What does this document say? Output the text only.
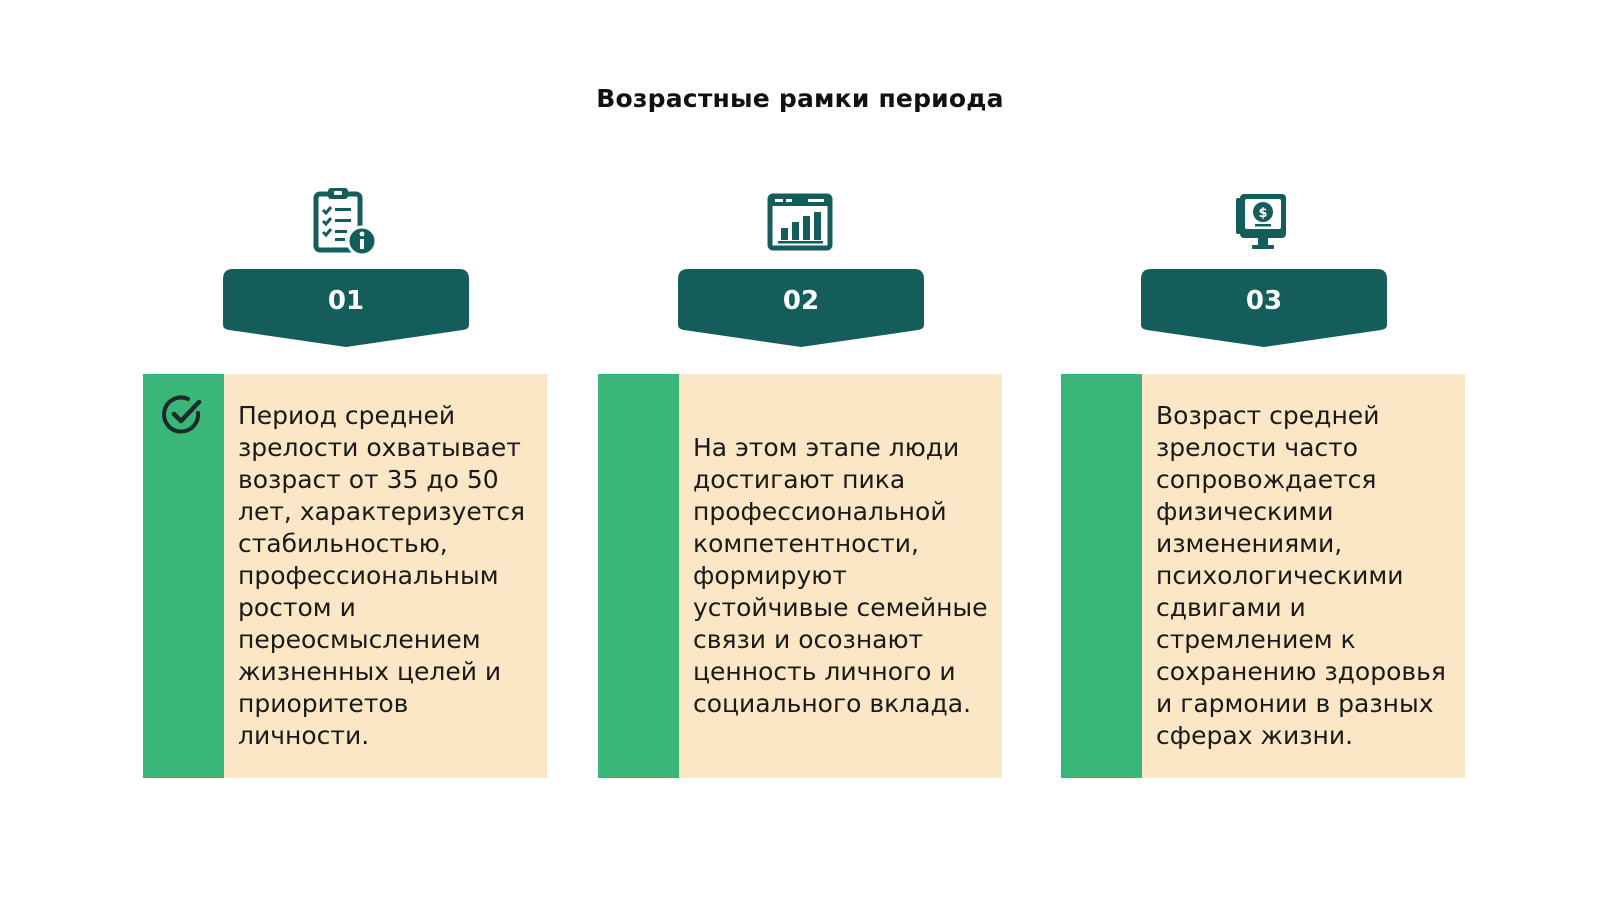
Возрастные рамки периода
01

Период средней зрелости охватывает возраст от 35 до 50 лет, характеризуется стабильностью, профессиональным ростом и переосмыслением жизненных целей и приоритетов личности.

02

На этом этапе люди достигают пика профессиональной компетентности, формируют устойчивые семейные связи и осознают ценность личного и социального вклада.

$
03

Возраст средней зрелости часто сопровождается физическими изменениями, психологическими сдвигами и стремлением к сохранению здоровья и гармонии в разных сферах жизни.
